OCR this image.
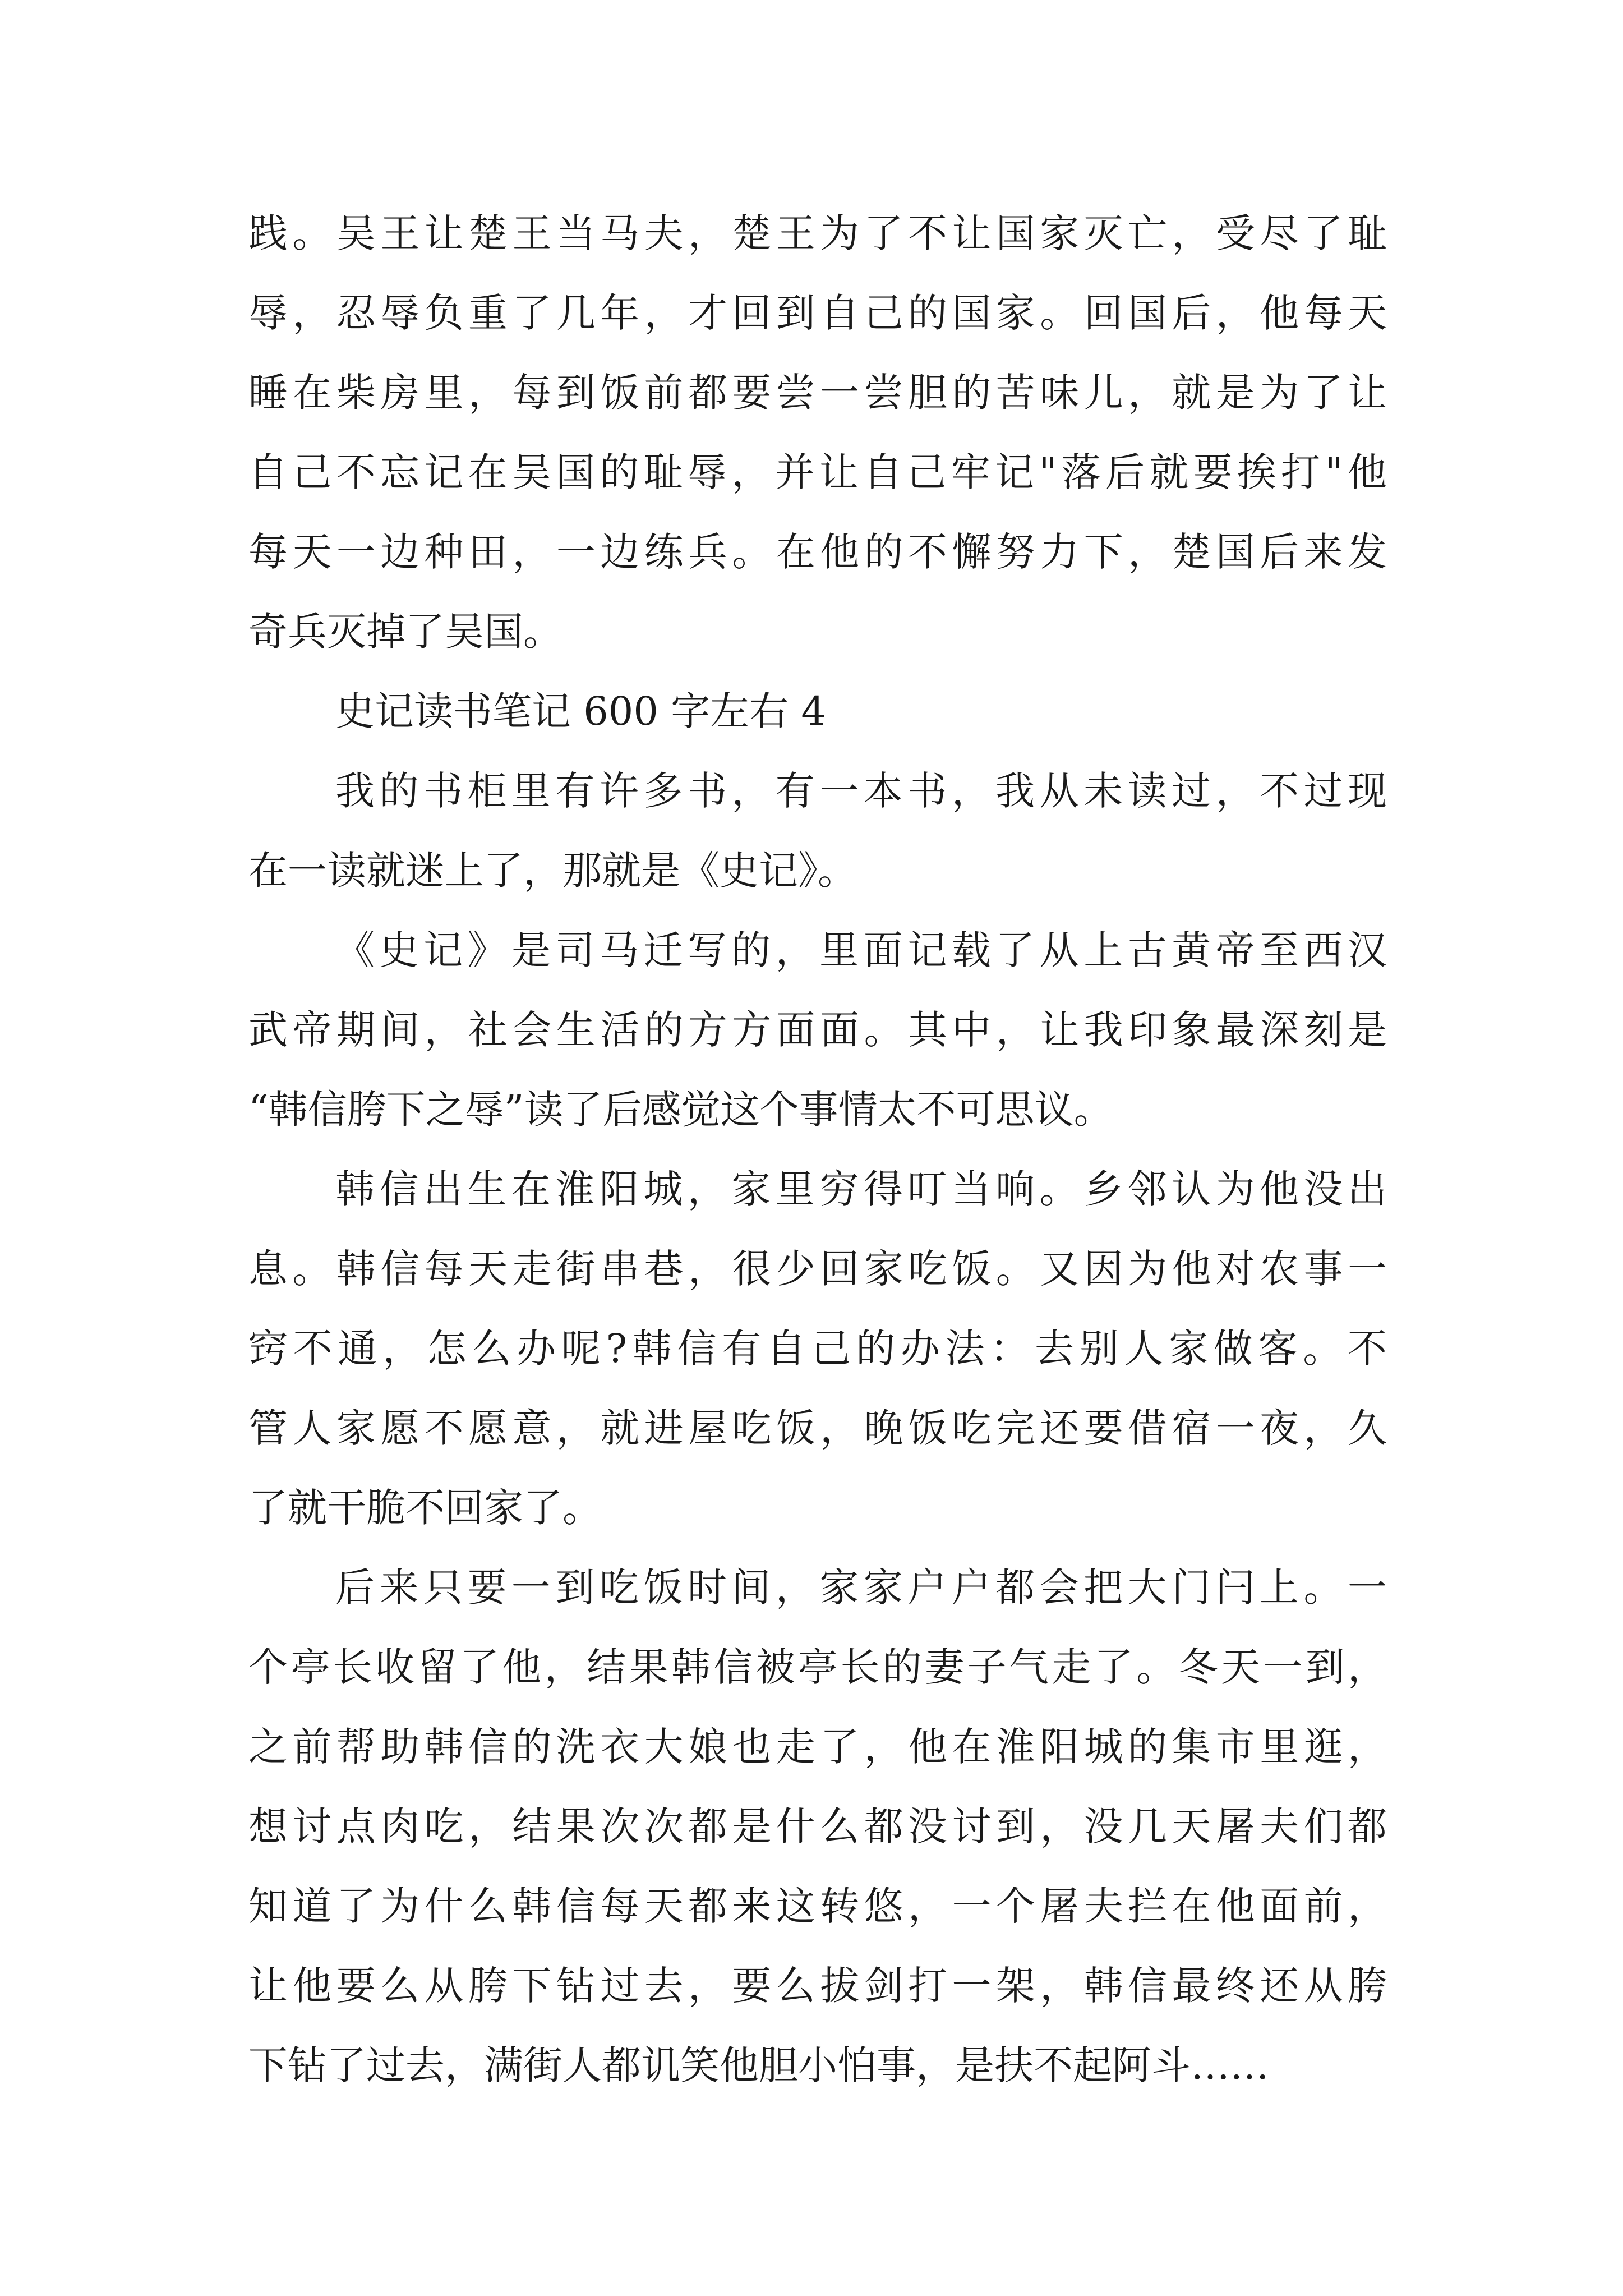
践。吴王让楚王当马夫，楚王为了不让国家灭亡，受尽了耻
辱，忍辱负重了几年，才回到自己的国家。回国后，他每天
睡在柴房里，每到饭前都要尝一尝胆的苦味儿，就是为了让
自己不忘记在吴国的耻辱，并让自己牢记"落后就要挨打"他
每天一边种田，一边练兵。在他的不懈努力下，楚国后来发
奇兵灭掉了吴国。
史记读书笔记 600 字左右 4
我的书柜里有许多书，有一本书，我从未读过，不过现
在一读就迷上了，那就是《史记》。
《史记》是司马迁写的，里面记载了从上古黄帝至西汉
武帝期间，社会生活的方方面面。其中，让我印象最深刻是
“韩信胯下之辱”读了后感觉这个事情太不可思议。
韩信出生在淮阳城，家里穷得叮当响。乡邻认为他没出
息。韩信每天走街串巷，很少回家吃饭。又因为他对农事一
窍不通，怎么办呢?韩信有自己的办法：去别人家做客。不
管人家愿不愿意，就进屋吃饭，晚饭吃完还要借宿一夜，久
了就干脆不回家了。
后来只要一到吃饭时间，家家户户都会把大门闩上。一
个亭长收留了他，结果韩信被亭长的妻子气走了。冬天一到，
之前帮助韩信的洗衣大娘也走了，他在淮阳城的集市里逛，
想讨点肉吃，结果次次都是什么都没讨到，没几天屠夫们都
知道了为什么韩信每天都来这转悠，一个屠夫拦在他面前，
让他要么从胯下钻过去，要么拔剑打一架，韩信最终还从胯
下钻了过去，满街人都讥笑他胆小怕事，是扶不起阿斗……
